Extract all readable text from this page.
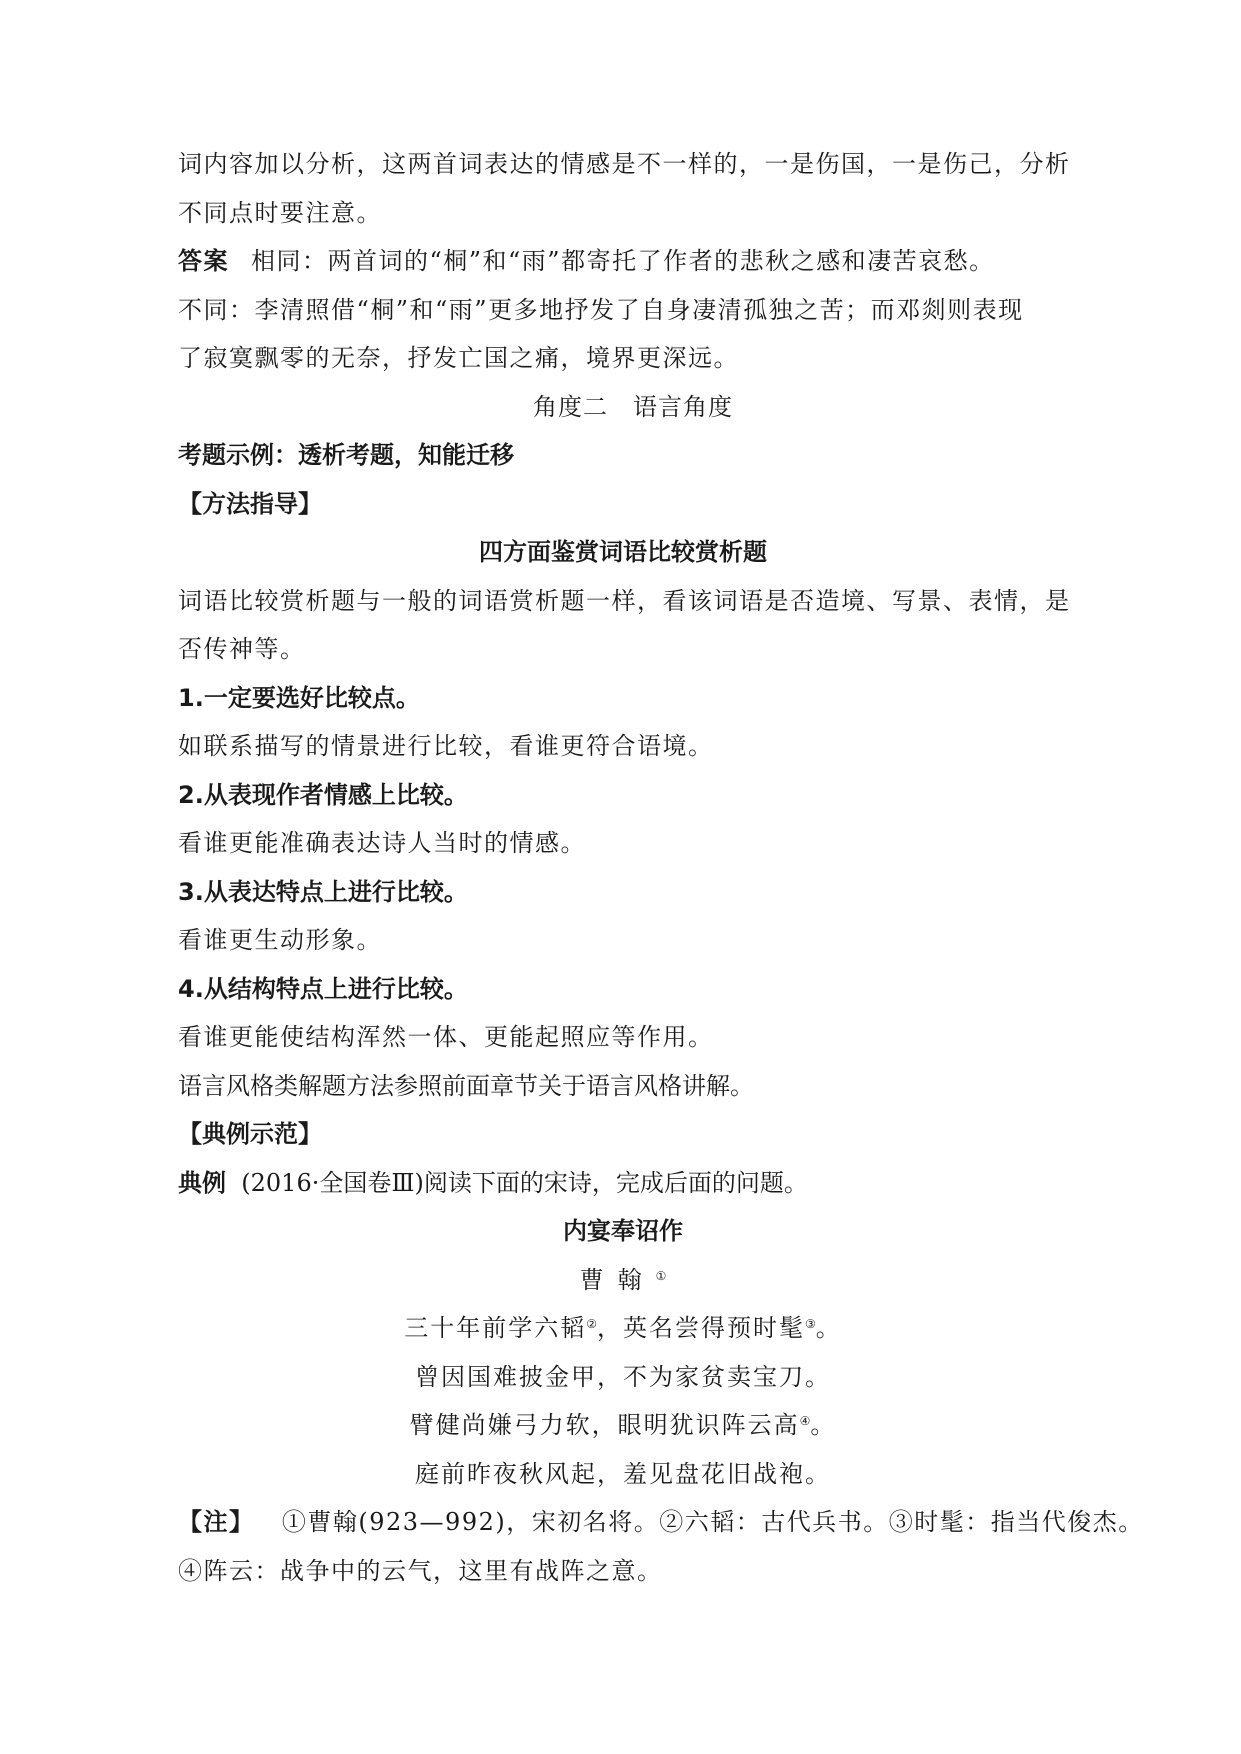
词内容加以分析，这两首词表达的情感是不一样的，一是伤国，一是伤己，分析
不同点时要注意。
答案 相同：两首词的“桐”和“雨”都寄托了作者的悲秋之感和凄苦哀愁。
不同：李清照借“桐”和“雨”更多地抒发了自身凄清孤独之苦；而邓剡则表现
了寂寞飘零的无奈，抒发亡国之痛，境界更深远。
角度二　语言角度
考题示例：透析考题，知能迁移
【方法指导】
四方面鉴赏词语比较赏析题
词语比较赏析题与一般的词语赏析题一样，看该词语是否造境、写景、表情，是
否传神等。
1.一定要选好比较点。
如联系描写的情景进行比较，看谁更符合语境。
2.从表现作者情感上比较。
看谁更能准确表达诗人当时的情感。
3.从表达特点上进行比较。
看谁更生动形象。
4.从结构特点上进行比较。
看谁更能使结构浑然一体、更能起照应等作用。
语言风格类解题方法参照前面章节关于语言风格讲解。
【典例示范】
典例 (2016·全国卷Ⅲ)阅读下面的宋诗，完成后面的问题。
内宴奉诏作
曹翰①
三十年前学六韬②，英名尝得预时髦③。
曾因国难披金甲，不为家贫卖宝刀。
臂健尚嫌弓力软，眼明犹识阵云高④。
庭前昨夜秋风起，羞见盘花旧战袍。
【注】 ①曹翰(923—992)，宋初名将。②六韬：古代兵书。③时髦：指当代俊杰。
④阵云：战争中的云气，这里有战阵之意。
